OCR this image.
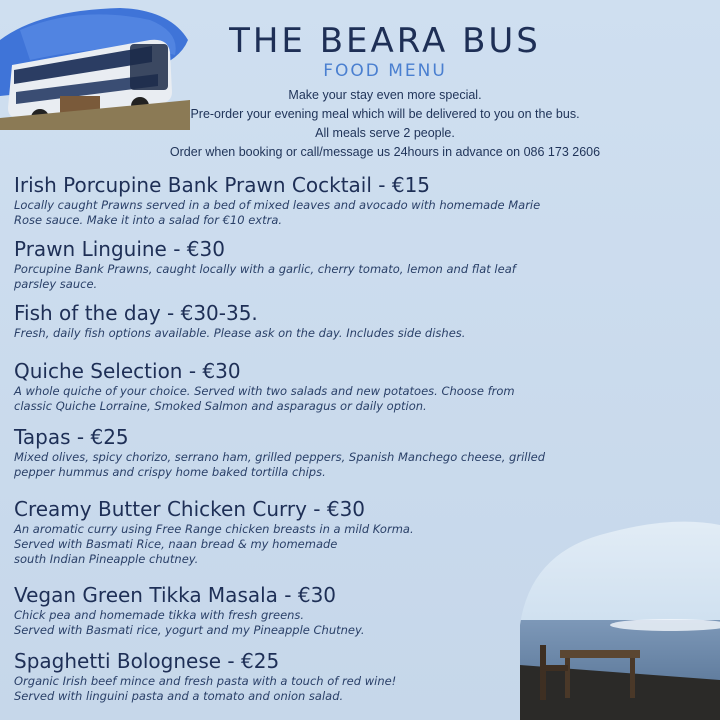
THE BEARA BUS
FOOD MENU
Make your stay even more special.
Pre-order your evening meal which will be delivered to you on the bus.
All meals serve 2 people.
Order when booking or call/message us 24hours in advance on 086 173 2606
Irish Porcupine Bank Prawn Cocktail - €15
Locally caught Prawns served in a bed of mixed leaves and avocado with homemade Marie
Rose sauce. Make it into a salad for €10 extra.
Prawn Linguine - €30
Porcupine Bank Prawns, caught locally with a garlic, cherry tomato, lemon and flat leaf
parsley sauce.
Fish of the day - €30-35.
Fresh, daily fish options available. Please ask on the day. Includes side dishes.
Quiche Selection - €30
A whole quiche of your choice. Served with two salads and new potatoes. Choose from
classic Quiche Lorraine, Smoked Salmon and asparagus or daily option.
Tapas - €25
Mixed olives, spicy chorizo, serrano ham, grilled peppers, Spanish Manchego cheese, grilled
pepper hummus and crispy home baked tortilla chips.
Creamy Butter Chicken Curry - €30
An aromatic curry using Free Range chicken breasts in a mild Korma.
Served with Basmati Rice, naan bread & my homemade
south Indian Pineapple chutney.
Vegan Green Tikka Masala - €30
Chick pea and homemade tikka with fresh greens.
Served with Basmati rice, yogurt and my Pineapple Chutney.
Spaghetti Bolognese - €25
Organic Irish beef mince and fresh pasta with a touch of red wine!
Served with linguini pasta and a tomato and onion salad.
